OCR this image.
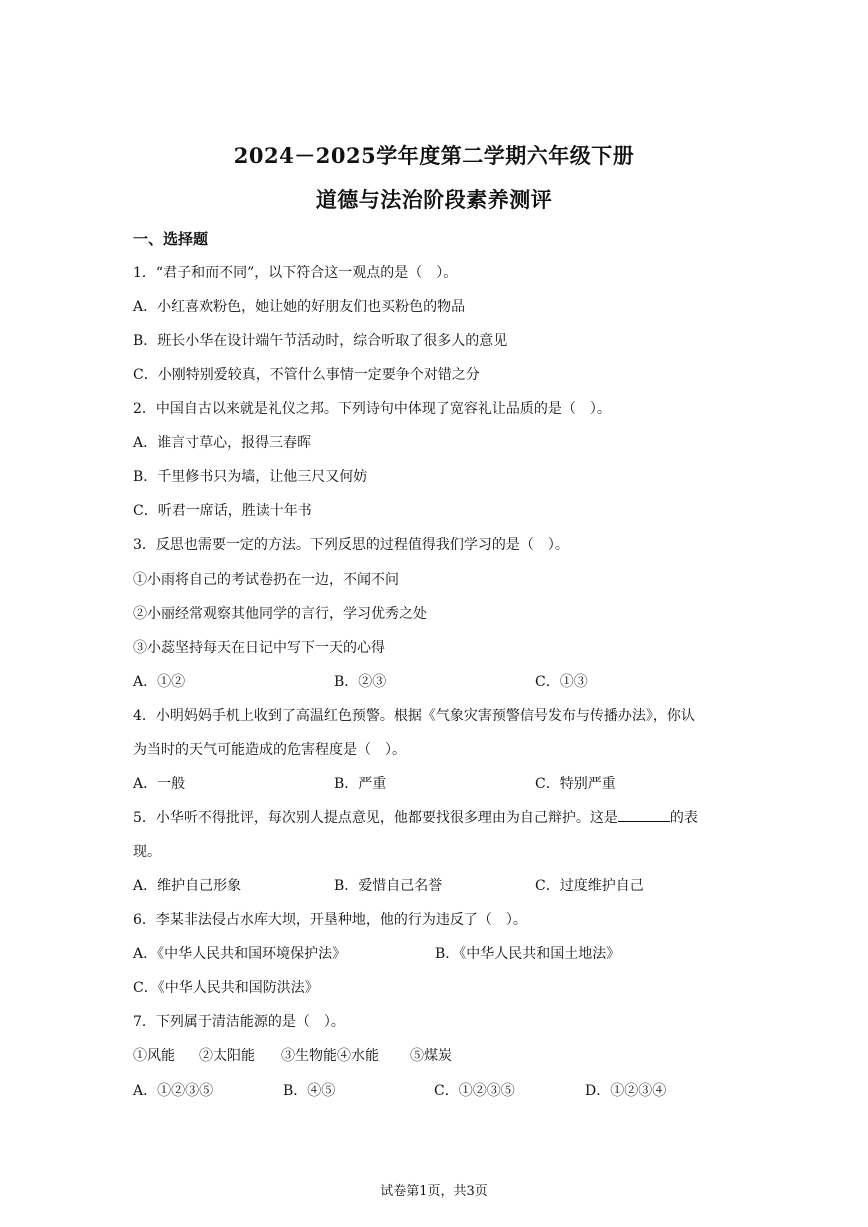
2024－2025学年度第二学期六年级下册
道德与法治阶段素养测评
一、选择题
1．“君子和而不同”，以下符合这一观点的是（　）。
A．小红喜欢粉色，她让她的好朋友们也买粉色的物品
B．班长小华在设计端午节活动时，综合听取了很多人的意见
C．小刚特别爱较真，不管什么事情一定要争个对错之分
2．中国自古以来就是礼仪之邦。下列诗句中体现了宽容礼让品质的是（　）。
A．谁言寸草心，报得三春晖
B．千里修书只为墙，让他三尺又何妨
C．听君一席话，胜读十年书
3．反思也需要一定的方法。下列反思的过程值得我们学习的是（　）。
①小雨将自己的考试卷扔在一边，不闻不问
②小丽经常观察其他同学的言行，学习优秀之处
③小蕊坚持每天在日记中写下一天的心得
A．①②	B．②③	C．①③
4．小明妈妈手机上收到了高温红色预警。根据《气象灾害预警信号发布与传播办法》，你认
为当时的天气可能造成的危害程度是（　）。
A．一般	B．严重	C．特别严重
5．小华听不得批评，每次别人提点意见，他都要找很多理由为自己辩护。这是	的表
现。
A．维护自己形象	B．爱惜自己名誉	C．过度维护自己
6．李某非法侵占水库大坝，开垦种地，他的行为违反了（　）。
A．《中华人民共和国环境保护法》	B．《中华人民共和国土地法》
C．《中华人民共和国防洪法》
7．下列属于清洁能源的是（　）。
①风能 ②太阳能 ③生物能④水能 ⑤煤炭
A．①②③⑤	B．④⑤	C．①②③⑤	D．①②③④
试卷第1页，共3页
